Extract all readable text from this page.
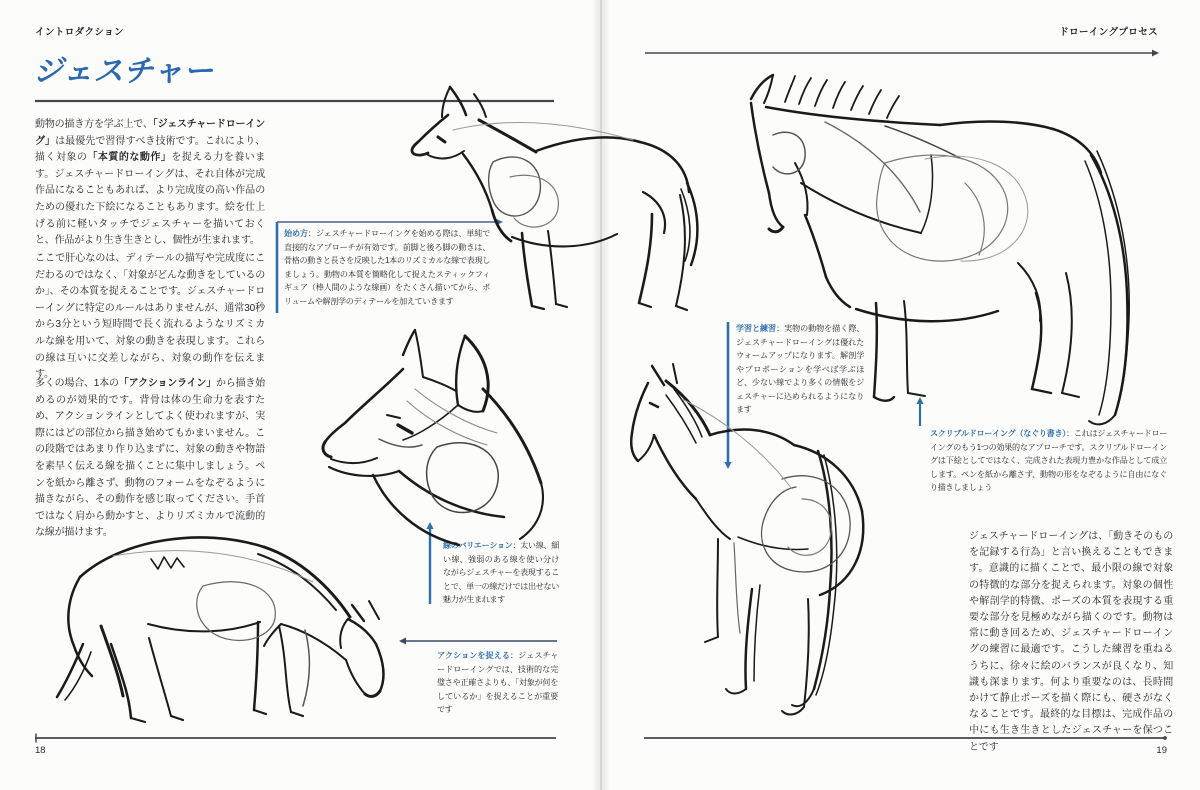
イントロダクション	ドローイングプロセス
ジェスチャー

動物の描き方を学ぶ上で、「ジェスチャードローイング」は最優先で習得すべき技術です。これにより、描く対象の「本質的な動作」を捉える力を養います。ジェスチャードローイングは、それ自体が完成作品になることもあれば、より完成度の高い作品のための優れた下絵になることもあります。絵を仕上げる前に軽いタッチでジェスチャーを描いておくと、作品がより生き生きとし、個性が生まれます。

ここで肝心なのは、ディテールの描写や完成度にこだわるのではなく、「対象がどんな動きをしているのか」、その本質を捉えることです。ジェスチャードローイングに特定のルールはありませんが、通常30秒から3分という短時間で長く流れるようなリズミカルな線を用いて、対象の動きを表現します。これらの線は互いに交差しながら、対象の動作を伝えます。

多くの場合、1本の「アクションライン」から描き始めるのが効果的です。背骨は体の生命力を表すため、アクションラインとしてよく使われますが、実際にはどの部位から描き始めてもかまいません。この段階ではあまり作り込まずに、対象の動きや物語を素早く伝える線を描くことに集中しましょう。ペンを紙から離さず、動物のフォームをなぞるように描きながら、その動作を感じ取ってください。手首ではなく肩から動かすと、よりリズミカルで流動的な線が描けます。

始め方：ジェスチャードローイングを始める際は、単純で直接的なアプローチが有効です。前脚と後ろ脚の動きは、骨格の動きと長さを反映した1本のリズミカルな線で表現しましょう。動物の本質を簡略化して捉えたスティックフィギュア（棒人間のような線画）をたくさん描いてから、ボリュームや解剖学のディテールを加えていきます

学習と練習：実物の動物を描く際、ジェスチャードローイングは優れたウォームアップになります。解剖学やプロポーションを学べば学ぶほど、少ない線でより多くの情報をジェスチャーに込められるようになります

スクリブルドローイング（なぐり書き）：これはジェスチャードローイングのもう1つの効果的なアプローチです。スクリブルドローイングは下絵としてではなく、完成された表現力豊かな作品として成立します。ペンを紙から離さず、動物の形をなぞるように自由になぐり描きしましょう

線のバリエーション：太い線、細い線、強弱のある線を使い分けながらジェスチャーを表現することで、単一の線だけでは出せない魅力が生まれます

アクションを捉える：ジェスチャードローイングでは、技術的な完璧さや正確さよりも、「対象が何をしているか」を捉えることが重要です

ジェスチャードローイングは、「動きそのものを記録する行為」と言い換えることもできます。意識的に描くことで、最小限の線で対象の特徴的な部分を捉えられます。対象の個性や解剖学的特徴、ポーズの本質を表現する重要な部分を見極めながら描くのです。動物は常に動き回るため、ジェスチャードローイングの練習に最適です。こうした練習を重ねるうちに、徐々に絵のバランスが良くなり、知識も深まります。何より重要なのは、長時間かけて静止ポーズを描く際にも、硬さがなくなることです。最終的な目標は、完成作品の中にも生き生きとしたジェスチャーを保つことです

18	19
